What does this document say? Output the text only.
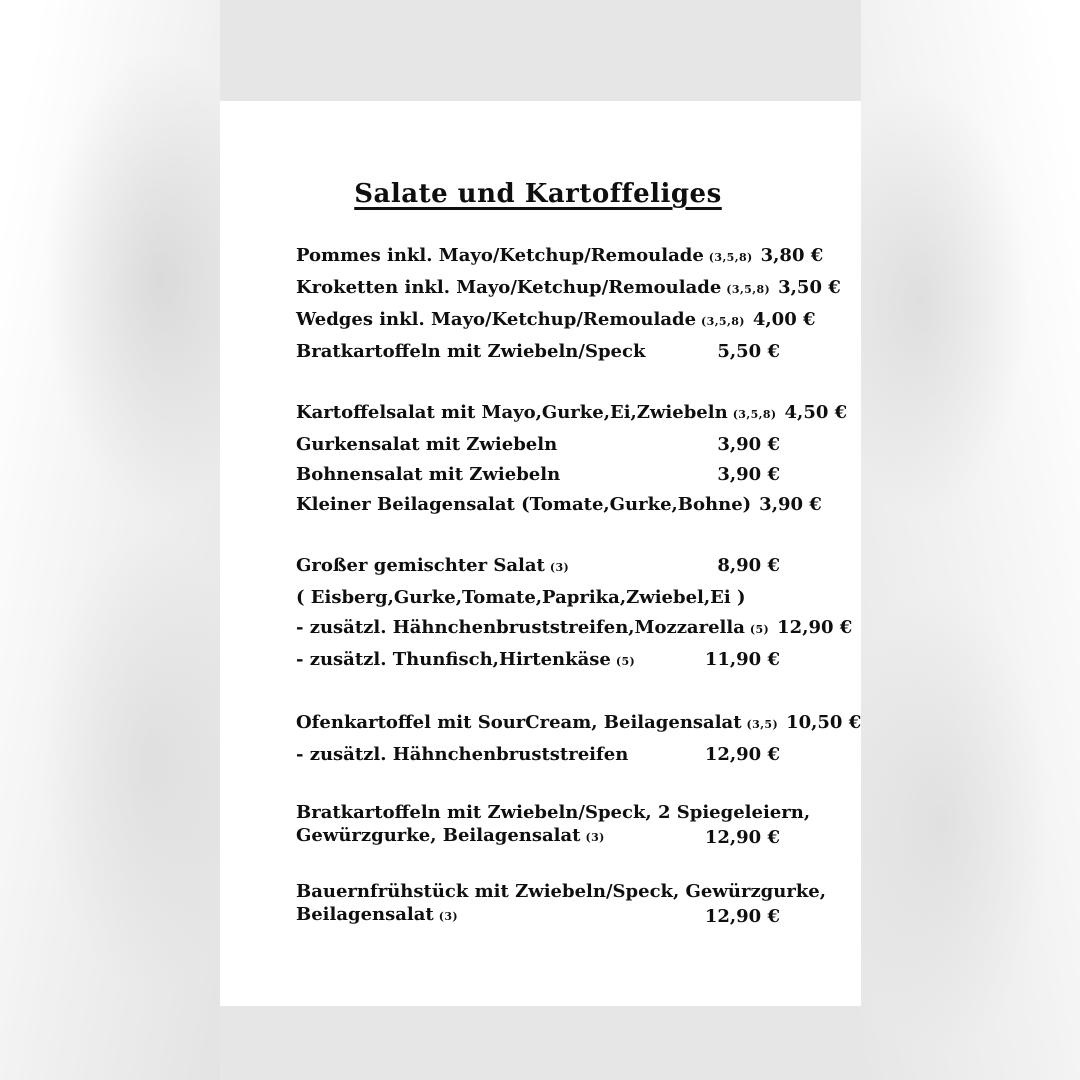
Salate und Kartoffeliges
Pommes inkl. Mayo/Ketchup/Remoulade (3,5,8) 3,80 €
Kroketten inkl. Mayo/Ketchup/Remoulade (3,5,8) 3,50 €
Wedges inkl. Mayo/Ketchup/Remoulade (3,5,8) 4,00 €
Bratkartoffeln mit Zwiebeln/Speck	5,50 €
Kartoffelsalat mit Mayo,Gurke,Ei,Zwiebeln (3,5,8) 4,50 €
Gurkensalat mit Zwiebeln	3,90 €
Bohnensalat mit Zwiebeln	3,90 €
Kleiner Beilagensalat (Tomate,Gurke,Bohne) 3,90 €
Großer gemischter Salat (3)	8,90 €
( Eisberg,Gurke,Tomate,Paprika,Zwiebel,Ei )
- zusätzl. Hähnchenbruststreifen,Mozzarella (5) 12,90 €
- zusätzl. Thunfisch,Hirtenkäse (5)	11,90 €
Ofenkartoffel mit SourCream, Beilagensalat (3,5) 10,50 €
- zusätzl. Hähnchenbruststreifen	12,90 €
Bratkartoffeln mit Zwiebeln/Speck, 2 Spiegeleiern,
Gewürzgurke, Beilagensalat (3)	12,90 €
Bauernfrühstück mit Zwiebeln/Speck, Gewürzgurke,
Beilagensalat (3)	12,90 €
